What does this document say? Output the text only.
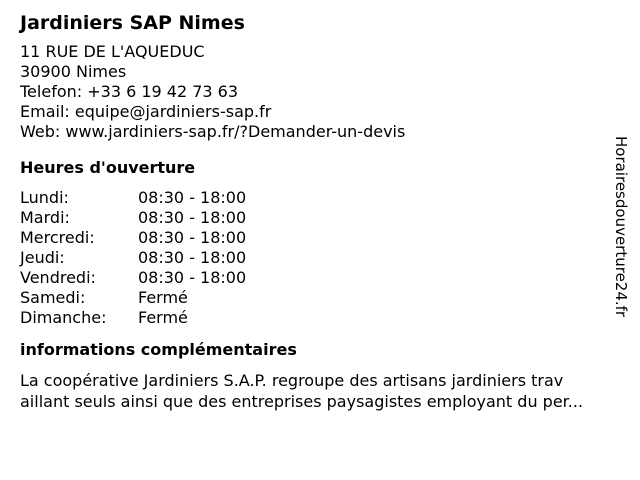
Jardiniers SAP Nimes
11 RUE DE L'AQUEDUC
30900 Nimes
Telefon: +33 6 19 42 73 63
Email: equipe@jardiniers-sap.fr
Web: www.jardiniers-sap.fr/?Demander-un-devis
Heures d'ouverture
Lundi:	08:30 - 18:00
Mardi:	08:30 - 18:00
Mercredi:	08:30 - 18:00
Jeudi:	08:30 - 18:00
Vendredi:	08:30 - 18:00
Samedi:	Fermé
Dimanche:	Fermé
informations complémentaires
La coopérative Jardiniers S.A.P. regroupe des artisans jardiniers trav
aillant seuls ainsi que des entreprises paysagistes employant du per...
Horairesdouverture24.fr
